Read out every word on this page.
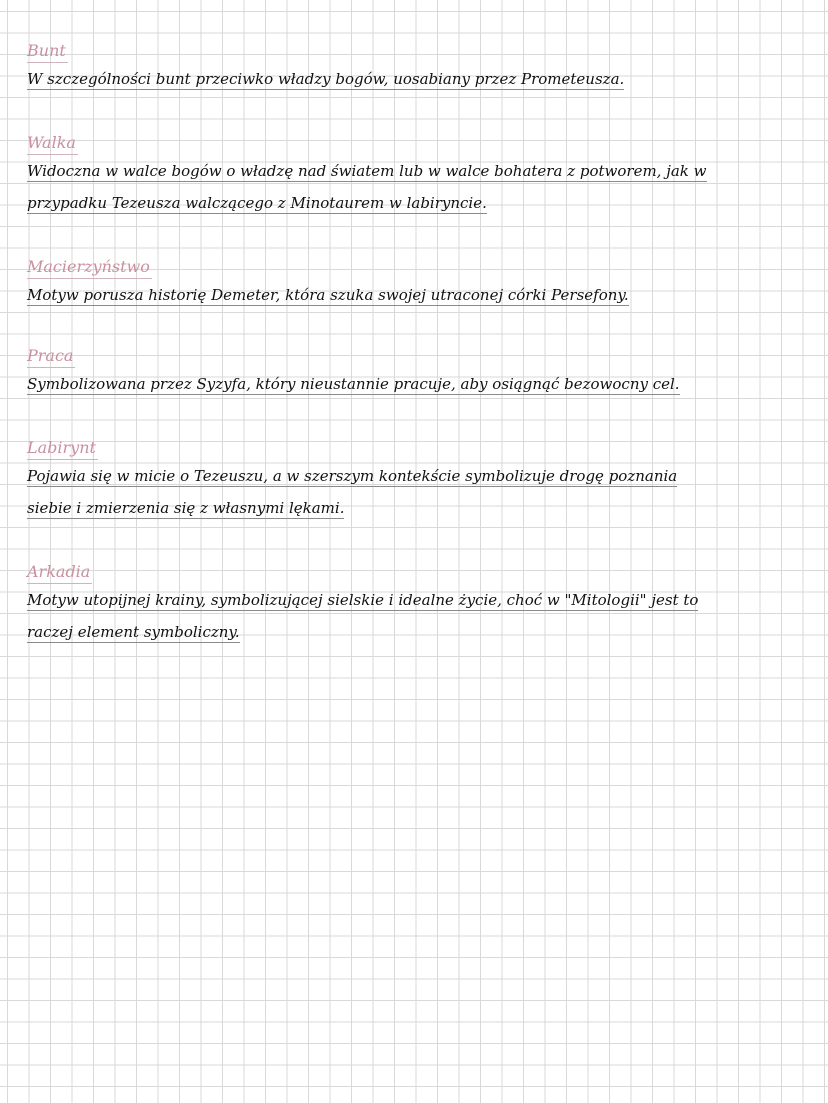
Bunt
W szczególności bunt przeciwko władzy bogów, uosabiany przez Prometeusza.
Walka
Widoczna w walce bogów o władzę nad światem lub w walce bohatera z potworem, jak w
przypadku Tezeusza walczącego z Minotaurem w labiryncie.
Macierzyństwo
Motyw porusza historię Demeter, która szuka swojej utraconej córki Persefony.
Praca
Symbolizowana przez Syzyfa, który nieustannie pracuje, aby osiągnąć bezowocny cel.
Labirynt
Pojawia się w micie o Tezeuszu, a w szerszym kontekście symbolizuje drogę poznania
siebie i zmierzenia się z własnymi lękami.
Arkadia
Motyw utopijnej krainy, symbolizującej sielskie i idealne życie, choć w "Mitologii" jest to
raczej element symboliczny.
